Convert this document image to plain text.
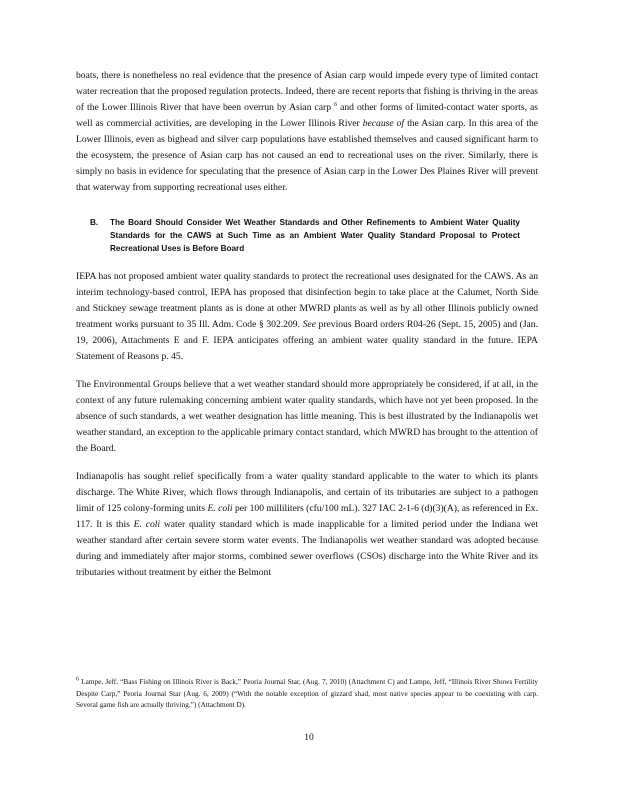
boats, there is nonetheless no real evidence that the presence of Asian carp would impede every type of limited contact water recreation that the proposed regulation protects. Indeed, there are recent reports that fishing is thriving in the areas of the Lower Illinois River that have been overrun by Asian carp $^6$ and other forms of limited-contact water sports, as well as commercial activities, are developing in the Lower Illinois River because of the Asian carp. In this area of the Lower Illinois, even as bighead and silver carp populations have established themselves and caused significant harm to the ecosystem, the presence of Asian carp has not caused an end to recreational uses on the river. Similarly, there is simply no basis in evidence for speculating that the presence of Asian carp in the Lower Des Plaines River will prevent that waterway from supporting recreational uses either.

B.	The Board Should Consider Wet Weather Standards and Other Refinements to Ambient Water Quality Standards for the CAWS at Such Time as an Ambient Water Quality Standard Proposal to Protect Recreational Uses is Before Board

IEPA has not proposed ambient water quality standards to protect the recreational uses designated for the CAWS. As an interim technology-based control, IEPA has proposed that disinfection begin to take place at the Calumet, North Side and Stickney sewage treatment plants as is done at other MWRD plants as well as by all other Illinois publicly owned treatment works pursuant to 35 Ill. Adm. Code § 302.209. See previous Board orders R04-26 (Sept. 15, 2005) and (Jan. 19, 2006), Attachments E and F. IEPA anticipates offering an ambient water quality standard in the future. IEPA Statement of Reasons p. 45.

The Environmental Groups believe that a wet weather standard should more appropriately be considered, if at all, in the context of any future rulemaking concerning ambient water quality standards, which have not yet been proposed. In the absence of such standards, a wet weather designation has little meaning. This is best illustrated by the Indianapolis wet weather standard, an exception to the applicable primary contact standard, which MWRD has brought to the attention of the Board.

Indianapolis has sought relief specifically from a water quality standard applicable to the water to which its plants discharge. The White River, which flows through Indianapolis, and certain of its tributaries are subject to a pathogen limit of 125 colony-forming units E. coli per 100 milliliters (cfu/100 mL). 327 IAC 2-1-6 (d)(3)(A), as referenced in Ex. 117. It is this E. coli water quality standard which is made inapplicable for a limited period under the Indiana wet weather standard after certain severe storm water events. The Indianapolis wet weather standard was adopted because during and immediately after major storms, combined sewer overflows (CSOs) discharge into the White River and its tributaries without treatment by either the Belmont

$^6$ Lampe, Jeff, “Bass Fishing on Illinois River is Back,” Peoria Journal Star, (Aug. 7, 2010) (Attachment C) and Lampe, Jeff, “Illinois River Shows Fertility Despite Carp,” Peoria Journal Star (Aug. 6, 2009) (“With the notable exception of gizzard shad, most native species appear to be coexisting with carp. Several game fish are actually thriving.”) (Attachment D).
10
